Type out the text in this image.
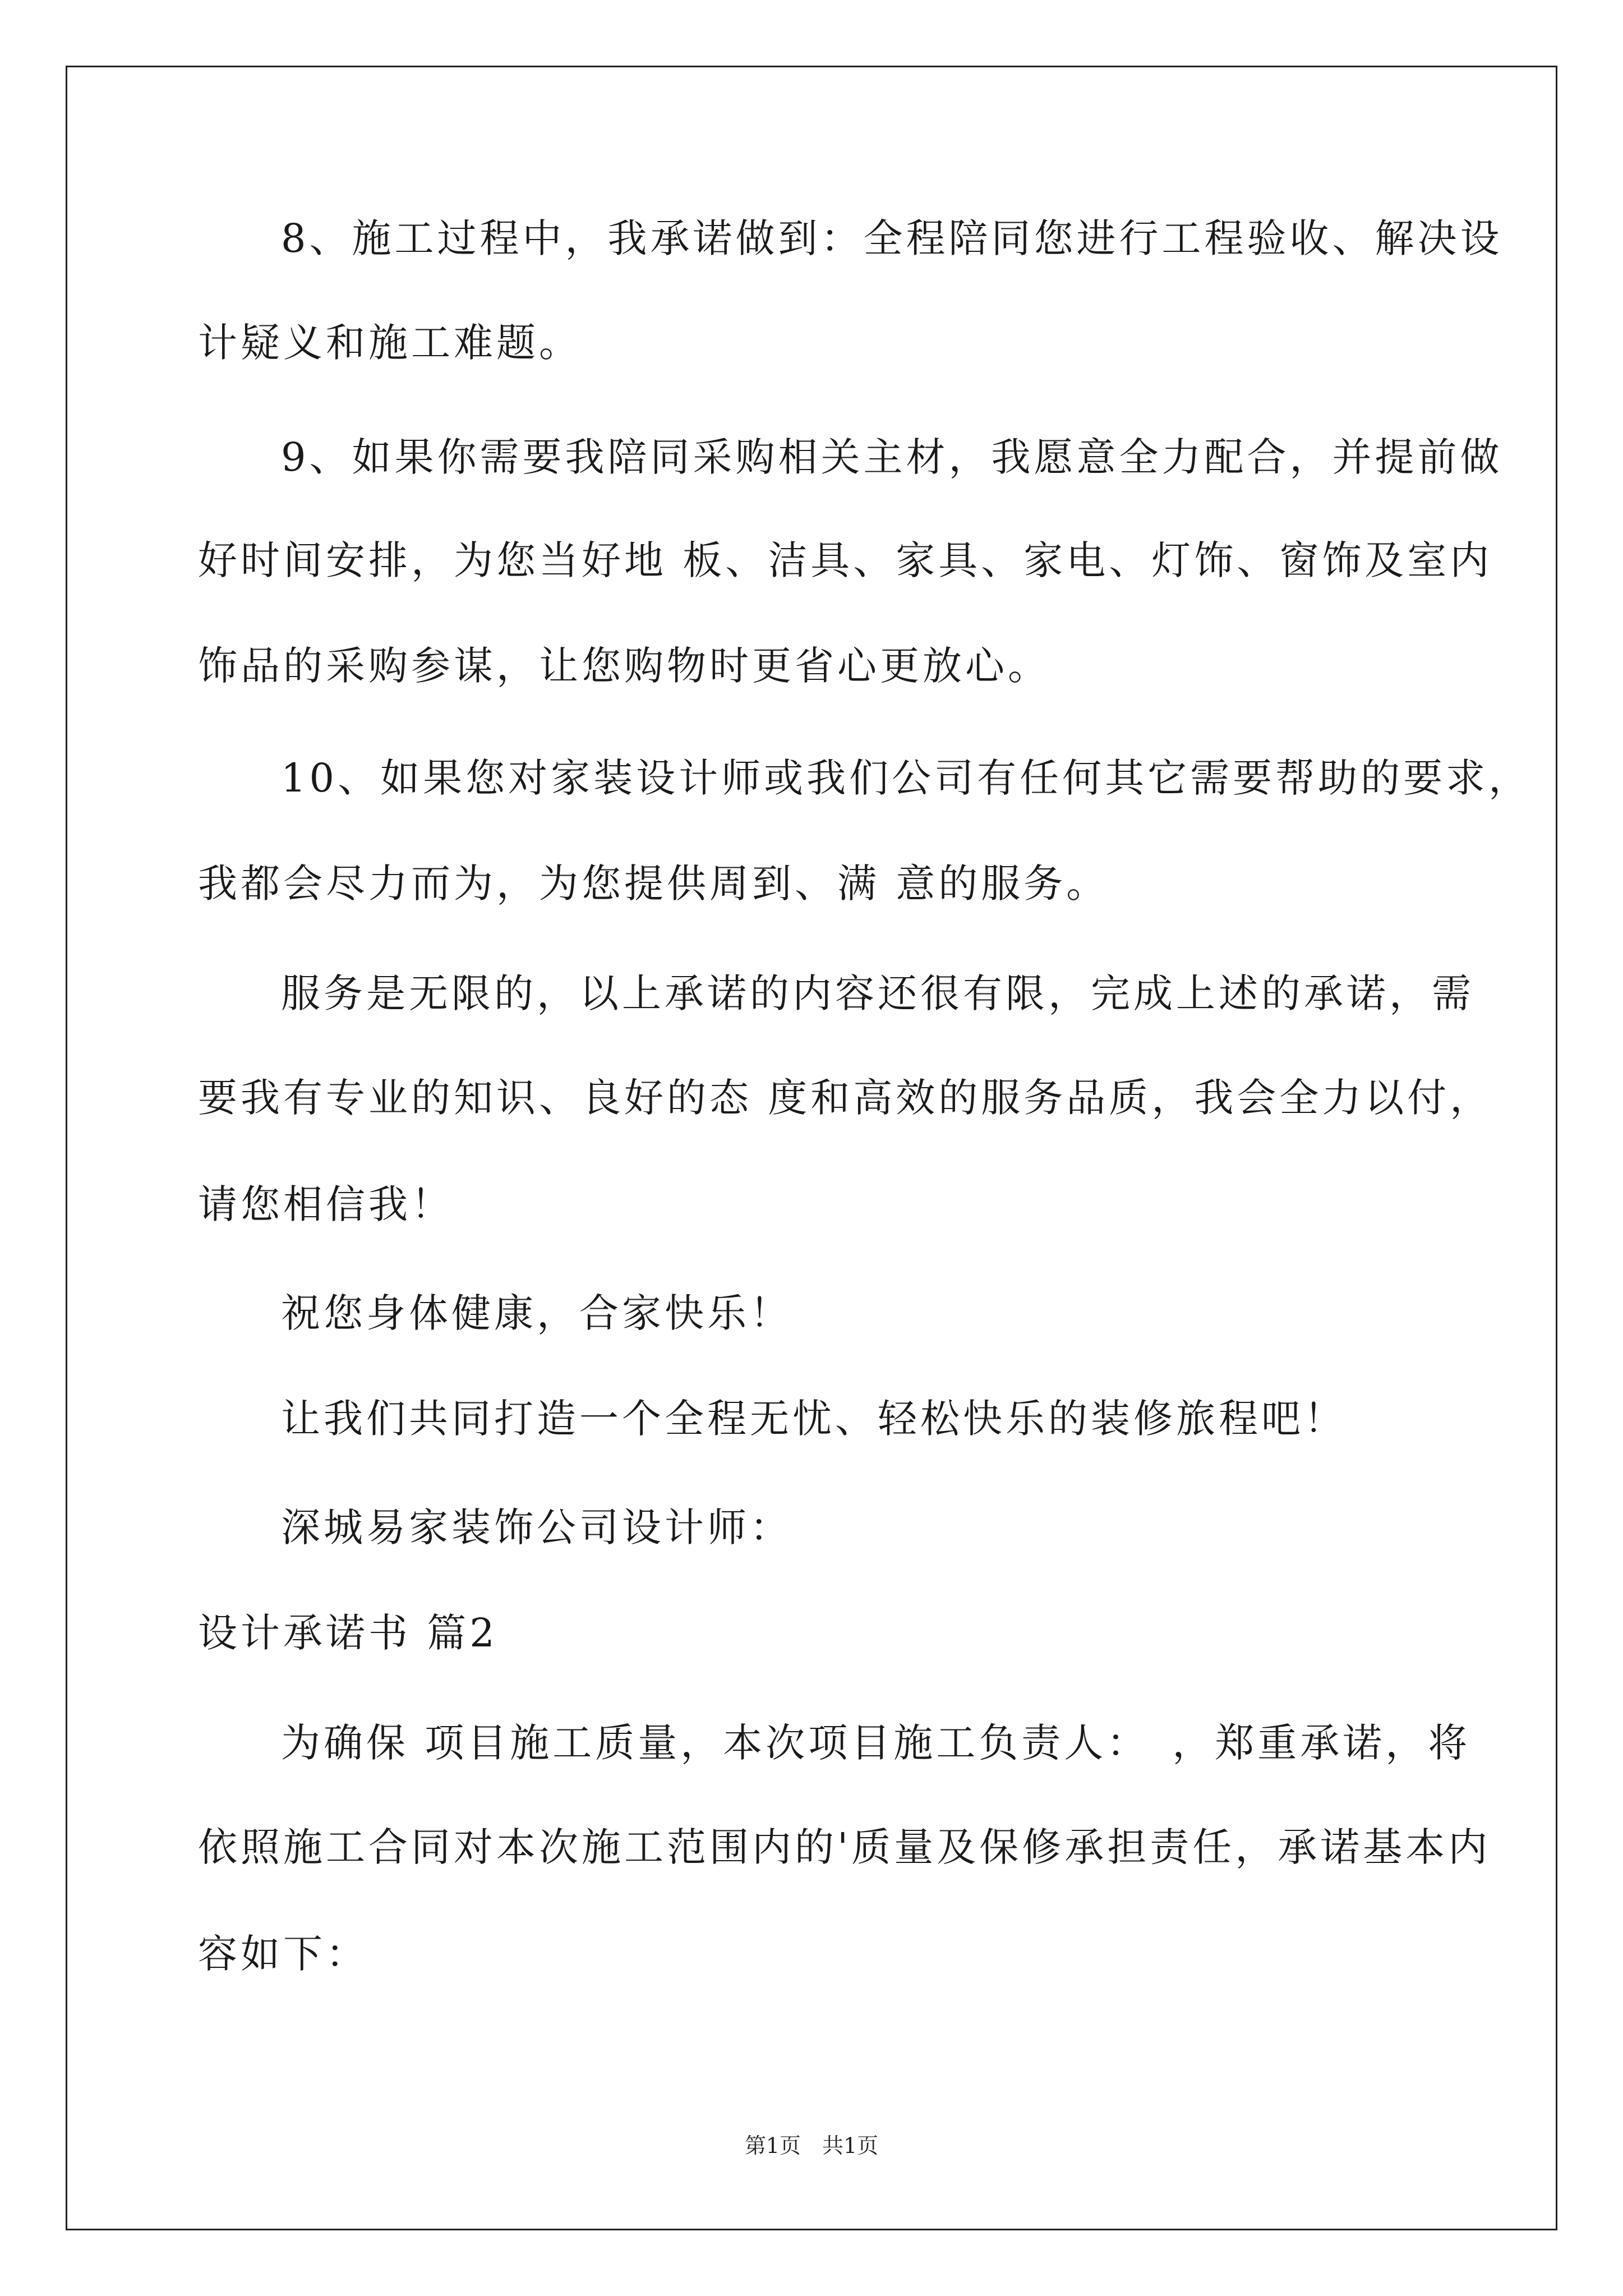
8、施工过程中，我承诺做到：全程陪同您进行工程验收、解决设
计疑义和施工难题。
9、如果你需要我陪同采购相关主材，我愿意全力配合，并提前做
好时间安排，为您当好地 板、洁具、家具、家电、灯饰、窗饰及室内
饰品的采购参谋，让您购物时更省心更放心。
10、如果您对家装设计师或我们公司有任何其它需要帮助的要求，
我都会尽力而为，为您提供周到、满 意的服务。
服务是无限的，以上承诺的内容还很有限，完成上述的承诺，需
要我有专业的知识、良好的态 度和高效的服务品质，我会全力以付，
请您相信我！
祝您身体健康，合家快乐！
让我们共同打造一个全程无忧、轻松快乐的装修旅程吧！
深城易家装饰公司设计师：
设计承诺书 篇2
为确保 项目施工质量，本次项目施工负责人：　，郑重承诺，将
依照施工合同对本次施工范围内的'质量及保修承担责任，承诺基本内
容如下：
第1页　共1页
